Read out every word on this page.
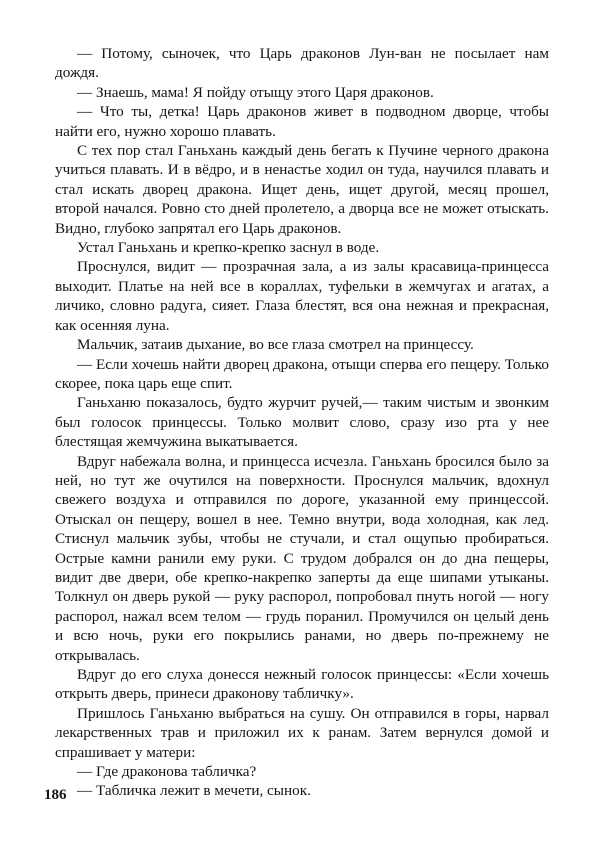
— Потому, сыночек, что Царь драконов Лун-ван не посылает нам дождя.

— Знаешь, мама! Я пойду отыщу этого Царя драконов.

— Что ты, детка! Царь драконов живет в подводном дворце, чтобы найти его, нужно хорошо плавать.

С тех пор стал Ганьхань каждый день бегать к Пучине черного дракона учиться плавать. И в вёдро, и в ненастье ходил он туда, научился плавать и стал искать дворец дракона. Ищет день, ищет другой, месяц прошел, второй начался. Ровно сто дней пролетело, а дворца все не может отыскать. Видно, глубоко запрятал его Царь драконов.

Устал Ганьхань и крепко-крепко заснул в воде.

Проснулся, видит — прозрачная зала, а из залы красавица-принцесса выходит. Платье на ней все в кораллах, туфельки в жемчугах и агатах, а личико, словно радуга, сияет. Глаза блестят, вся она нежная и прекрасная, как осенняя луна.

Мальчик, затаив дыхание, во все глаза смотрел на принцессу.

— Если хочешь найти дворец дракона, отыщи сперва его пещеру. Только скорее, пока царь еще спит.

Ганьханю показалось, будто журчит ручей,— таким чистым и звонким был голосок принцессы. Только молвит слово, сразу изо рта у нее блестящая жемчужина выкатывается.

Вдруг набежала волна, и принцесса исчезла. Ганьхань бросился было за ней, но тут же очутился на поверхности. Проснулся мальчик, вдохнул свежего воздуха и отправился по дороге, указанной ему принцессой. Отыскал он пещеру, вошел в нее. Темно внутри, вода холодная, как лед. Стиснул мальчик зубы, чтобы не стучали, и стал ощупью пробираться. Острые камни ранили ему руки. С трудом добрался он до дна пещеры, видит две двери, обе крепко-накрепко заперты да еще шипами утыканы. Толкнул он дверь рукой — руку распорол, попробовал пнуть ногой — ногу распорол, нажал всем телом — грудь поранил. Промучился он целый день и всю ночь, руки его покрылись ранами, но дверь по-прежнему не открывалась.

Вдруг до его слуха донесся нежный голосок принцессы: «Если хочешь открыть дверь, принеси драконову табличку».

Пришлось Ганьханю выбраться на сушу. Он отправился в горы, нарвал лекарственных трав и приложил их к ранам. Затем вернулся домой и спрашивает у матери:

— Где драконова табличка?

— Табличка лежит в мечети, сынок.

186
